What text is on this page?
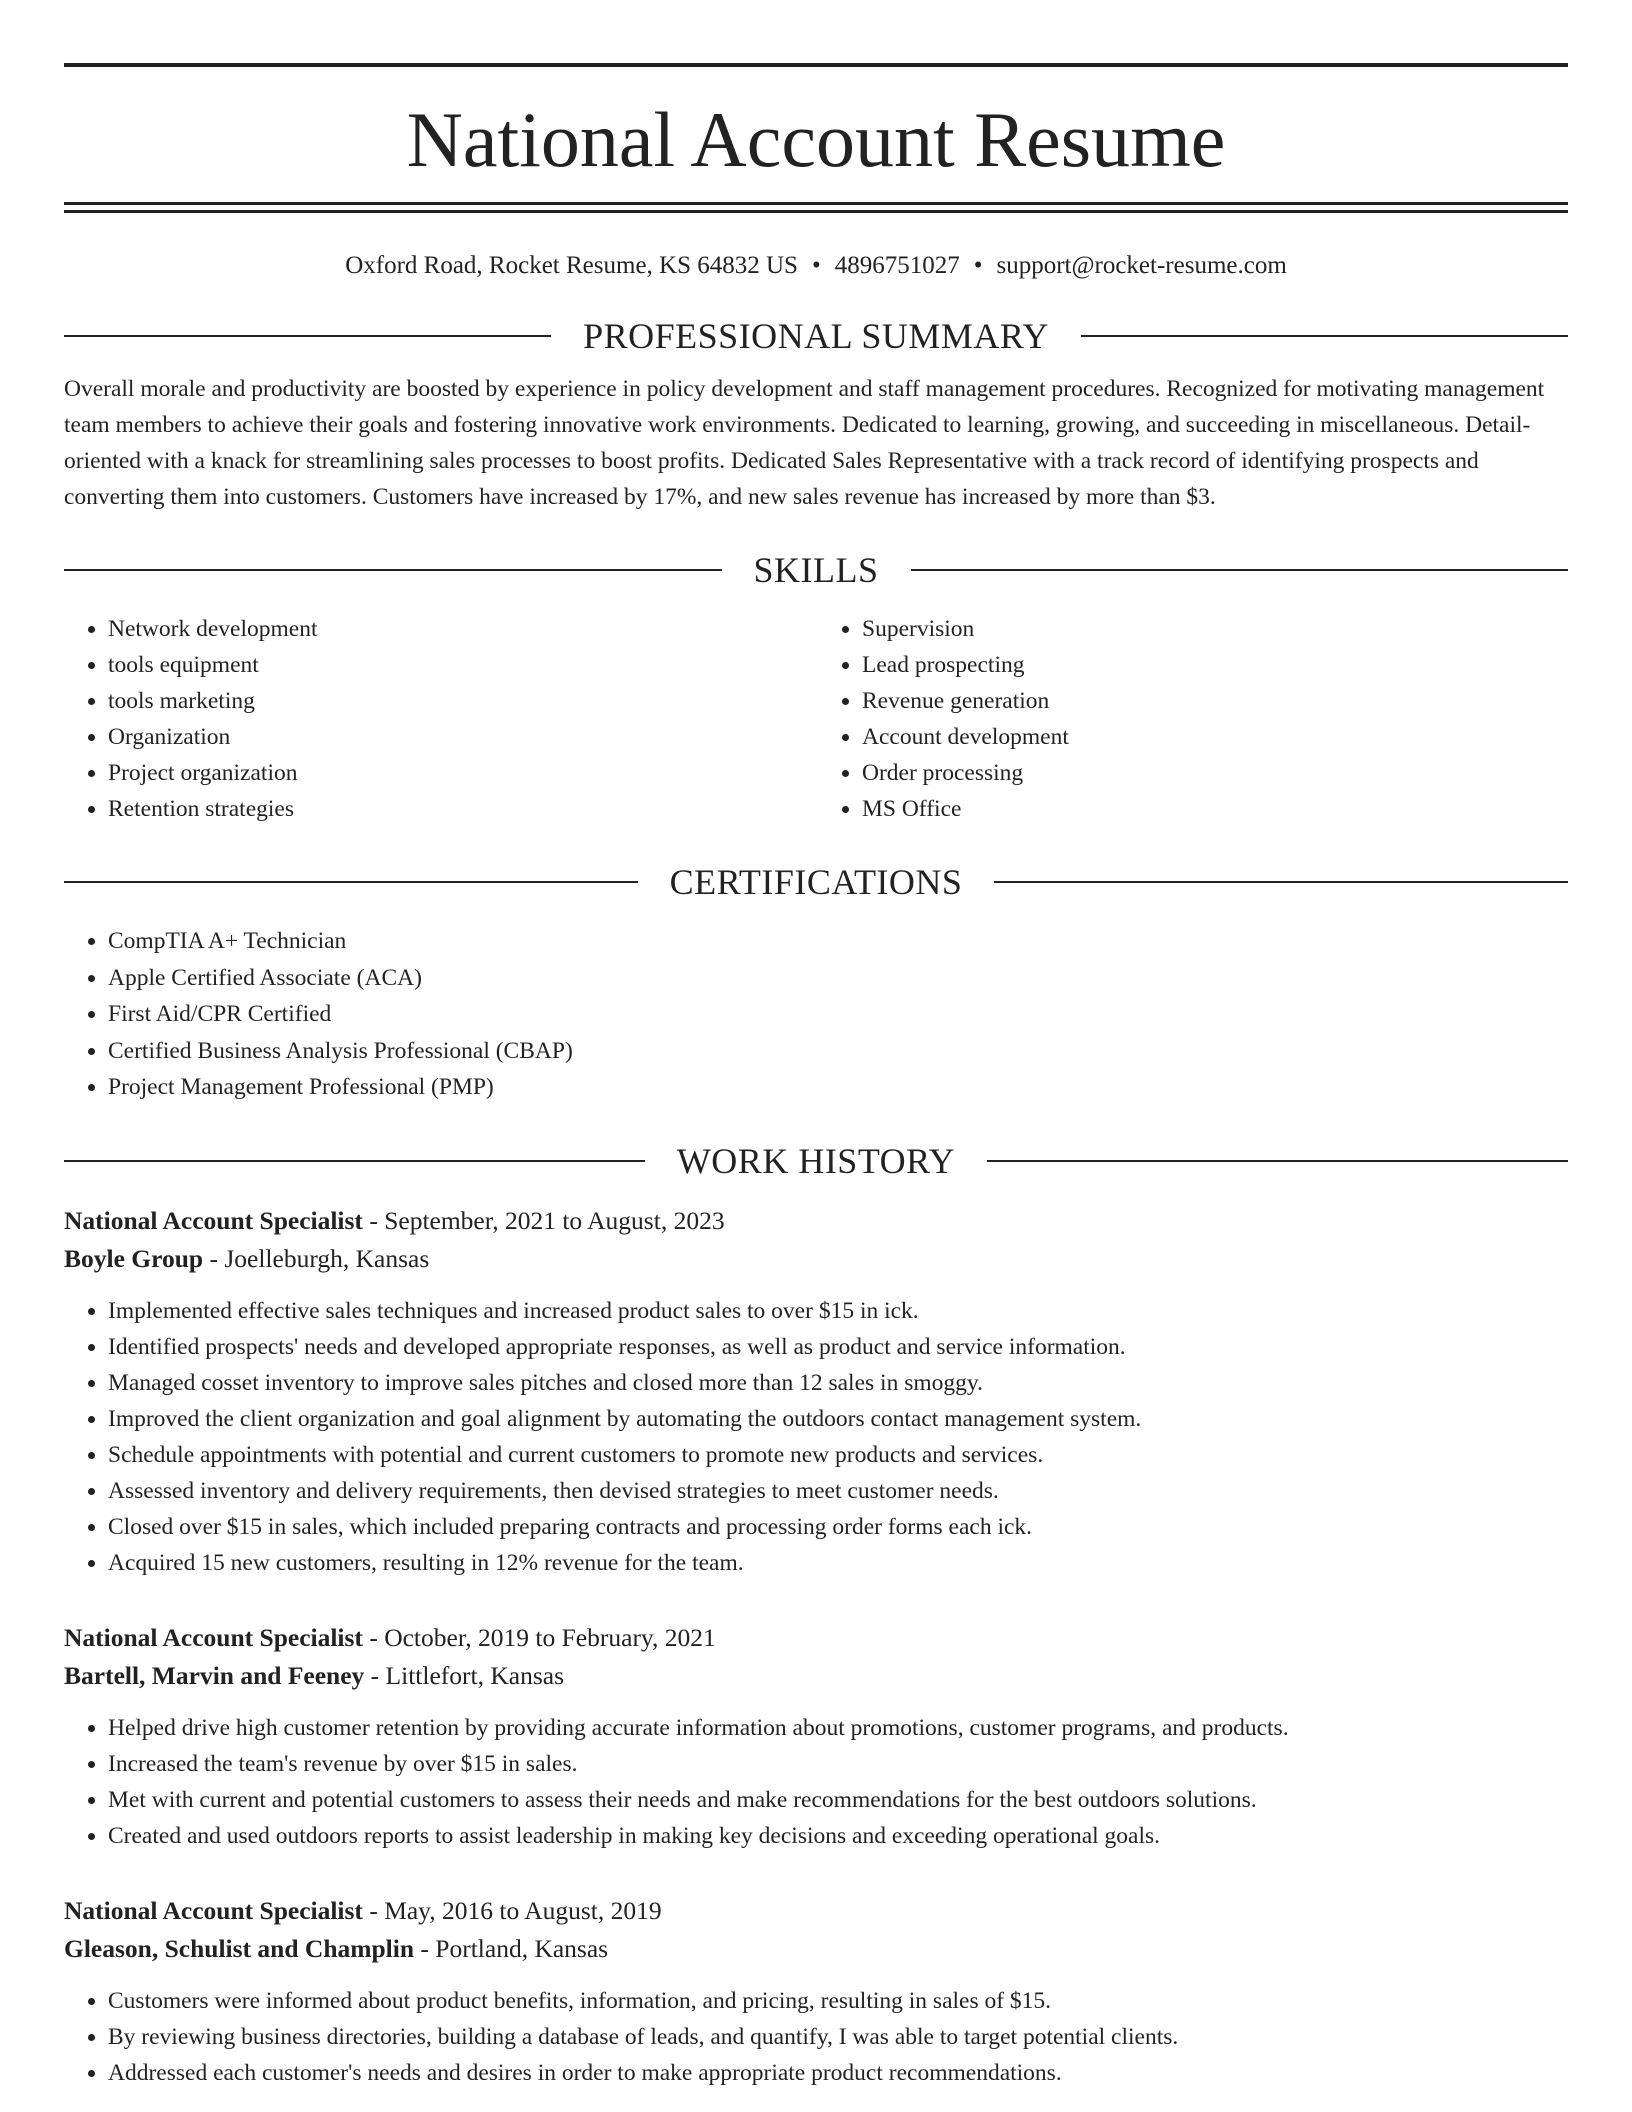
National Account Resume
Oxford Road, Rocket Resume, KS 64832 US • 4896751027 • support@rocket-resume.com
PROFESSIONAL SUMMARY

Overall morale and productivity are boosted by experience in policy development and staff management procedures. Recognized for motivating management team members to achieve their goals and fostering innovative work environments. Dedicated to learning, growing, and succeeding in miscellaneous. Detail-oriented with a knack for streamlining sales processes to boost profits. Dedicated Sales Representative with a track record of identifying prospects and converting them into customers. Customers have increased by 17%, and new sales revenue has increased by more than $3.

SKILLS
• Network development
• tools equipment
• tools marketing
• Organization
• Project organization
• Retention strategies
• Supervision
• Lead prospecting
• Revenue generation
• Account development
• Order processing
• MS Office
CERTIFICATIONS
• CompTIA A+ Technician
• Apple Certified Associate (ACA)
• First Aid/CPR Certified
• Certified Business Analysis Professional (CBAP)
• Project Management Professional (PMP)
WORK HISTORY
National Account Specialist - September, 2021 to August, 2023
Boyle Group - Joelleburgh, Kansas
• Implemented effective sales techniques and increased product sales to over $15 in ick.
• Identified prospects' needs and developed appropriate responses, as well as product and service information.
• Managed cosset inventory to improve sales pitches and closed more than 12 sales in smoggy.
• Improved the client organization and goal alignment by automating the outdoors contact management system.
• Schedule appointments with potential and current customers to promote new products and services.
• Assessed inventory and delivery requirements, then devised strategies to meet customer needs.
• Closed over $15 in sales, which included preparing contracts and processing order forms each ick.
• Acquired 15 new customers, resulting in 12% revenue for the team.
National Account Specialist - October, 2019 to February, 2021
Bartell, Marvin and Feeney - Littlefort, Kansas
• Helped drive high customer retention by providing accurate information about promotions, customer programs, and products.
• Increased the team's revenue by over $15 in sales.
• Met with current and potential customers to assess their needs and make recommendations for the best outdoors solutions.
• Created and used outdoors reports to assist leadership in making key decisions and exceeding operational goals.
National Account Specialist - May, 2016 to August, 2019
Gleason, Schulist and Champlin - Portland, Kansas
• Customers were informed about product benefits, information, and pricing, resulting in sales of $15.
• By reviewing business directories, building a database of leads, and quantify, I was able to target potential clients.
• Addressed each customer's needs and desires in order to make appropriate product recommendations.
